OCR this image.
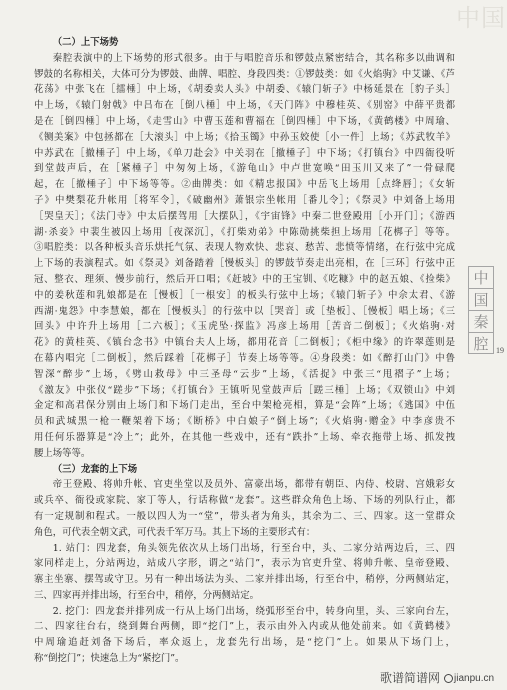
中国
（二）上下场势
秦腔表演中的上下场势的形式很多。由于与唱腔音乐和锣鼓点紧密结合，其名称多以曲调和
锣鼓的名称相关，大体可分为锣鼓、曲牌、唱腔、身段四类：①锣鼓类：如《火焰驹》中艾谦、《芦
花荡》中张飞在［擂棰］中上场，《胡委卖人头》中胡委、《辕门斩子》中杨延景在［豹子头］
中上场，《辕门射戟》中吕布在［倒八棰］中上场，《天门阵》中穆桂英、《别窑》中薛平贵都
是在［倒四棰］中上场，《走雪山》中曹玉莲和曹福在［倒四棰］中下场，《黄鹤楼》中周瑜、
《铡美案》中包拯都在［大滚头］中上场；《拾玉镯》中孙玉姣使［小一件］上场；《苏武牧羊》
中苏武在［撤棰子］中上场，《单刀赴会》中关羽在［撤棰子］中下场；《打镇台》中四衙役听
到堂鼓声后，在［紧棰子］中匆匆上场，《游龟山》中卢世宽唤“田玉川又来了”一骨碌爬
起，在［撤棰子］中下场等等。②曲牌类：如《精忠报国》中岳飞上场用［点绛唇］；《女斩
子》中樊梨花升帐用［将军令］，《破幽州》萧银宗坐帐用［番儿令］；《祭灵》中刘备上场用
［哭皇天］；《法门寺》中太后摆驾用［大摆队］，《宇宙锋》中秦二世登殿用［小开门］；《游西
湖·杀妾》中裴生被囚上场用［夜深沉］，《打柴劝弟》中陈勋挑柴担上场用［花梆子］等等。
③唱腔类：以各种板头音乐烘托气氛、表现人物欢快、悲哀、愁苦、悲愤等情绪，在行弦中完成
上下场的表演程式。如《祭灵》刘备踏着［慢板头］的锣鼓节奏走出亮相，在［三环］行弦中正
冠、整衣、理须、慢步前行，然后开口唱；《赶坡》中的王宝钏、《吃糠》中的赵五娘、《捡柴》
中的姜秋莲和乳娘都是在［慢板］［一根安］的板头行弦中上场；《辕门斩子》中佘太君、《游
西湖·鬼怨》中李慧娘，都在［慢板头］的行弦中以［哭音］或［垫板］、［慢板］唱上场；《三
回头》中许升上场用［二六板］；《玉虎坠·探监》冯彦上场用［苦音二倒板］；《火焰驹·对
花》的黄桂英、《镇台念书》中镇台夫人上场，都用花音［二倒板］；《柜中缘》的许翠莲则是
在幕内唱完［二倒板］，然后踩着［花梆子］节奏上场等等。④身段类：如《醉打山门》中鲁
智深“醉步”上场，《劈山救母》中三圣母“云步”上场，《活捉》中张三“甩褶子”上场；
《激友》中张仪“蹉步”下场；《打镇台》王镇听见堂鼓声后［蹉三棰］上场；《双锁山》中刘
金定和高君保分别由上场门和下场门走出，至台中架枪亮相，算是“会阵”上场；《逃国》中伍
员和武城黑一枪一鞭架着下场；《断桥》中白娘子“倒上场”；《火焰驹·赠金》中李彦贵不
用任何乐器算是“冷上”；此外，在其他一些戏中，还有“跌扑”上场、牵衣拖带上场、抓发拽
腰上场等等。
（三）龙套的上下场
帝王登殿、将帅升帐、官吏坐堂以及员外、富豪出场，都带有朝臣、内侍、校尉、宫娥彩女
或兵卒、衙役或家院、家丁等人，行话称做“龙套”。这些群众角色上场、下场的列队行止，都
有一定规制和程式。一般以四人为一“堂”，带头者为角头，其余为二、三、四家。这一堂群众
角色，可代表全朝文武，可代表千军万马。其上下场的主要形式有：
1. 站门：四龙套，角头领先依次从上场门出场，行至台中，头、二家分站两边后，三、四
家同样走上，分站两边，站成八字形，谓之“站门”，表示为官吏升堂、将帅升帐、皇帝登殿、
寨主坐寨、摆驾或守卫。另有一种出场法为头、二家并排出场，行至台中，稍停，分两侧站定，
三、四家再并排出场，行至台中，稍停，分两侧站定。
2. 挖门：四龙套并排列成一行从上场门出场，绕弧形至台中，转身向里，头、三家向台左，
二、四家往台右，绕到舞台两侧，即“挖门”上，表示由外入内或从他处前来。如《黄鹤楼》
中周瑜追赶刘备下场后，率众返上，龙套先行出场，是“挖门”上。如果从下场门上，
称“倒挖门”；快速急上为“紧挖门”。
中
国
秦
腔 19
歌谱简谱网 jianpu.cn
